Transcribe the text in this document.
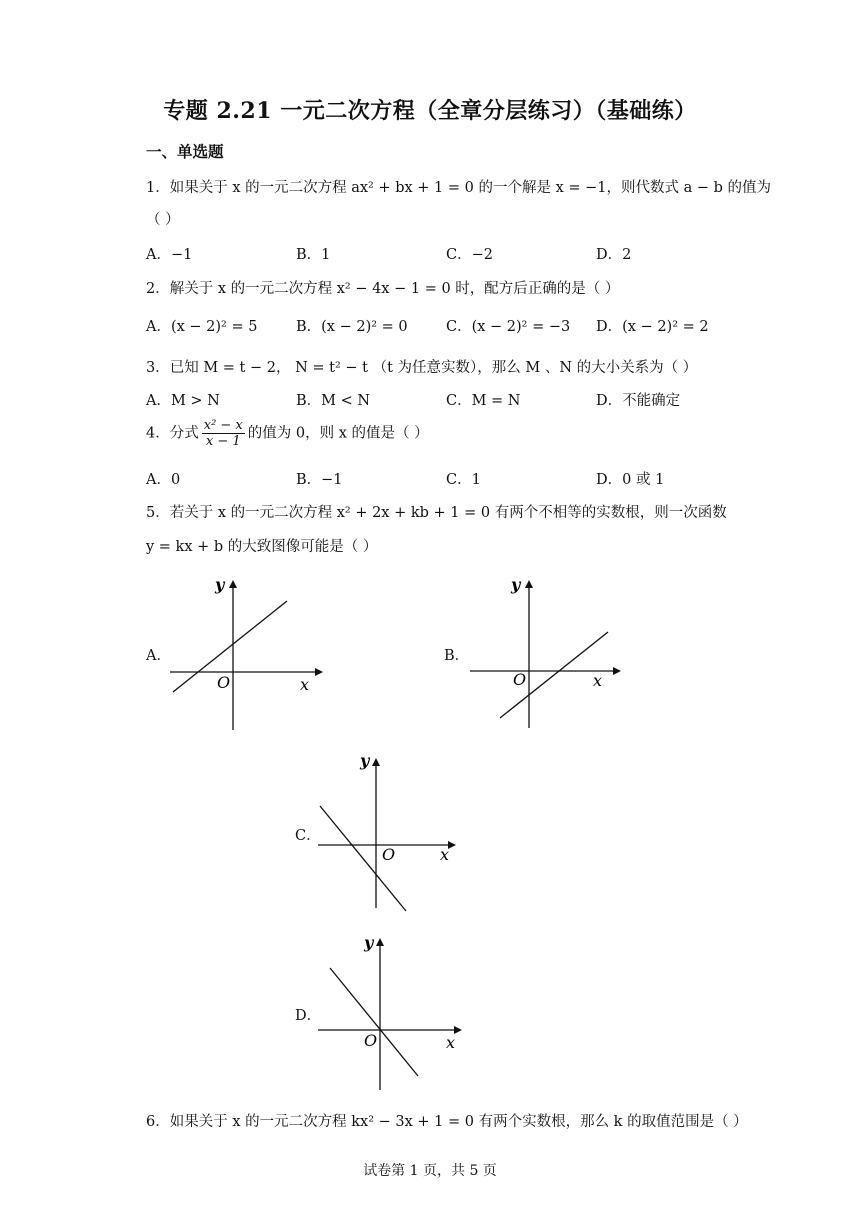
专题 2.21 一元二次方程（全章分层练习）（基础练）
一、单选题
1．如果关于 x 的一元二次方程 ax² + bx + 1 = 0 的一个解是 x = −1，则代数式 a − b 的值为
（ ）
A．−1	B．1	C．−2	D．2
2．解关于 x 的一元二次方程 x² − 4x − 1 = 0 时，配方后正确的是（ ）
A．(x − 2)² = 5	B．(x − 2)² = 0	C．(x − 2)² = −3 D．(x − 2)² = 2
3．已知 M = t − 2， N = t² − t （t 为任意实数），那么 M 、N 的大小关系为（ ）
A．M > N	B．M < N	C．M = N	D．不能确定
4．分式 $\frac{\text{x² − x}}{x - 1}$ 的值为 0，则 x 的值是（ ）
A．0	B．−1	C．1	D．0 或 1
5．若关于 x 的一元二次方程 x² + 2x + kb + 1 = 0 有两个不相等的实数根，则一次函数
y = kx + b 的大致图像可能是（ ）
A．
y
x
O
B．
y
x
O
C．
y
x
O
D．
y
x
O
6．如果关于 x 的一元二次方程 kx² − 3x + 1 = 0 有两个实数根，那么 k 的取值范围是（ ）
试卷第 1 页，共 5 页
